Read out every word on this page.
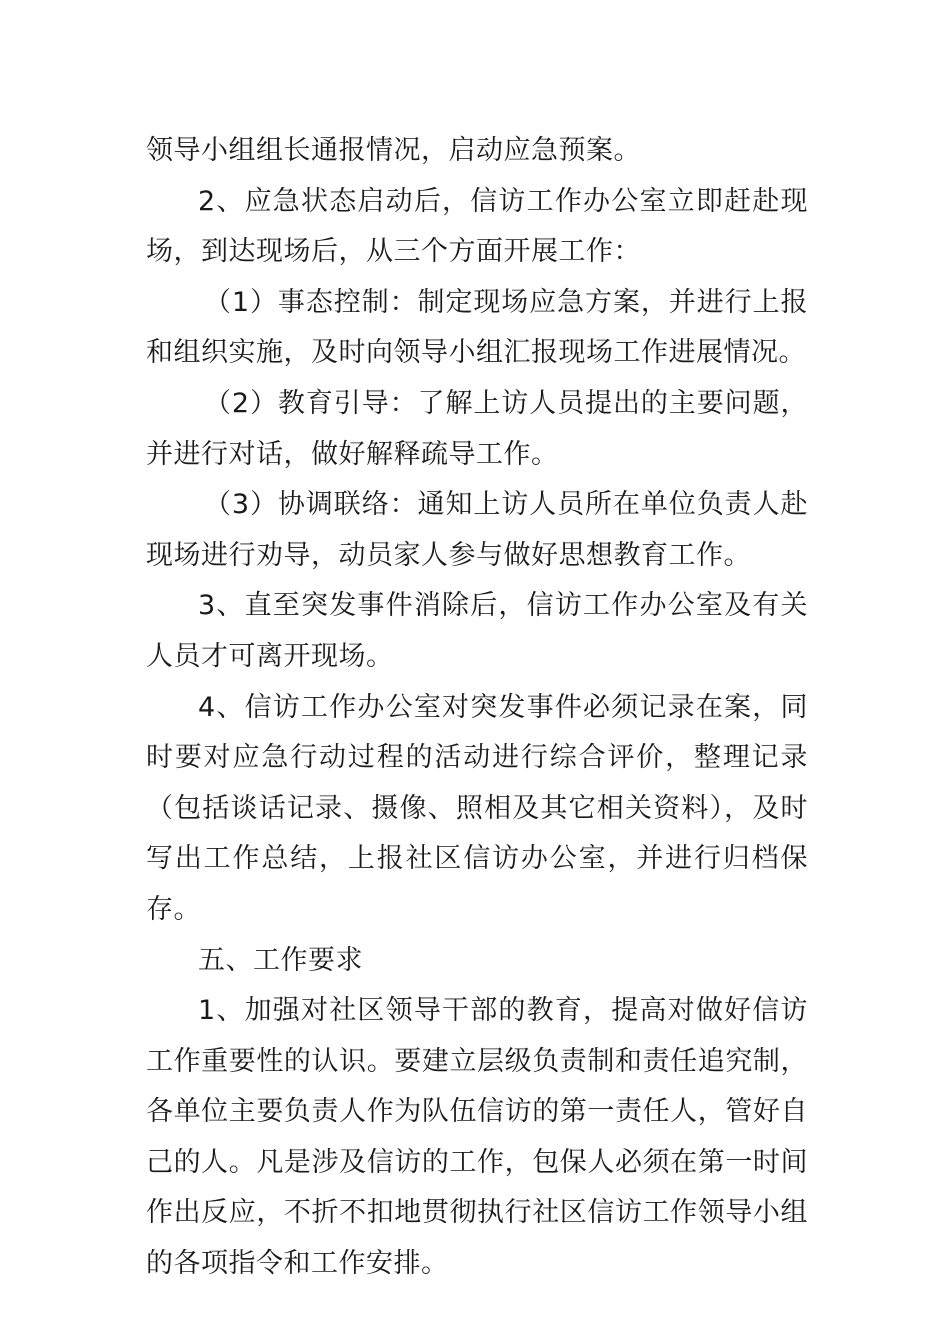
领导小组组长通报情况，启动应急预案。

2、应急状态启动后，信访工作办公室立即赶赴现场，到达现场后，从三个方面开展工作：

（1）事态控制：制定现场应急方案，并进行上报和组织实施，及时向领导小组汇报现场工作进展情况。

（2）教育引导：了解上访人员提出的主要问题，并进行对话，做好解释疏导工作。

（3）协调联络：通知上访人员所在单位负责人赴现场进行劝导，动员家人参与做好思想教育工作。

3、直至突发事件消除后，信访工作办公室及有关人员才可离开现场。

4、信访工作办公室对突发事件必须记录在案，同时要对应急行动过程的活动进行综合评价，整理记录（包括谈话记录、摄像、照相及其它相关资料），及时写出工作总结，上报社区信访办公室，并进行归档保存。

五、工作要求

1、加强对社区领导干部的教育，提高对做好信访工作重要性的认识。要建立层级负责制和责任追究制，各单位主要负责人作为队伍信访的第一责任人，管好自己的人。凡是涉及信访的工作，包保人必须在第一时间作出反应，不折不扣地贯彻执行社区信访工作领导小组的各项指令和工作安排。
